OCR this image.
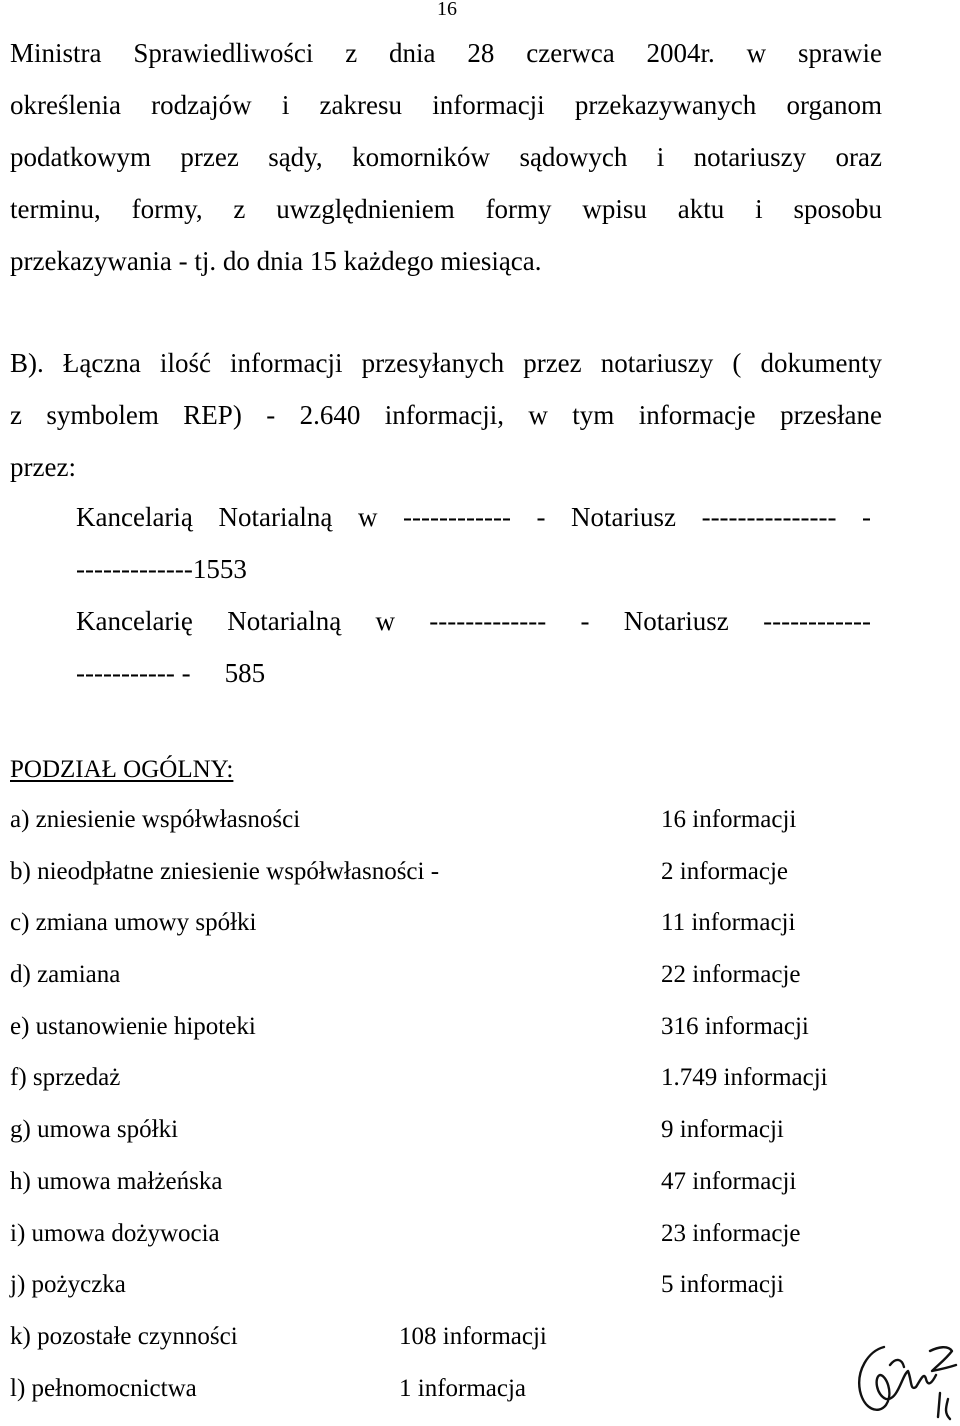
16
Ministra Sprawiedliwości z dnia 28 czerwca 2004r. w sprawie
określenia rodzajów i zakresu informacji przekazywanych organom
podatkowym przez sądy, komorników sądowych i notariuszy oraz
terminu, formy, z uwzględnieniem formy wpisu aktu i sposobu
przekazywania - tj. do dnia 15 każdego miesiąca.
B). Łączna ilość informacji przesyłanych przez notariuszy ( dokumenty
z symbolem REP) - 2.640 informacji, w tym informacje przesłane
przez:
Kancelarią Notarialną w ------------ - Notariusz --------------- -
-------------1553
Kancelarię Notarialną w ------------- - Notariusz ------------
----------- - 585
PODZIAŁ OGÓLNY:
a) zniesienie współwłasności	16 informacji
b) nieodpłatne zniesienie współwłasności -	2 informacje
c) zmiana umowy spółki	11 informacji
d) zamiana	22 informacje
e) ustanowienie hipoteki	316 informacji
f) sprzedaż	1.749 informacji
g) umowa spółki	9 informacji
h) umowa małżeńska	47 informacji
i) umowa dożywocia	23 informacje
j) pożyczka	5 informacji
k) pozostałe czynności	108 informacji
l) pełnomocnictwa	1 informacja
